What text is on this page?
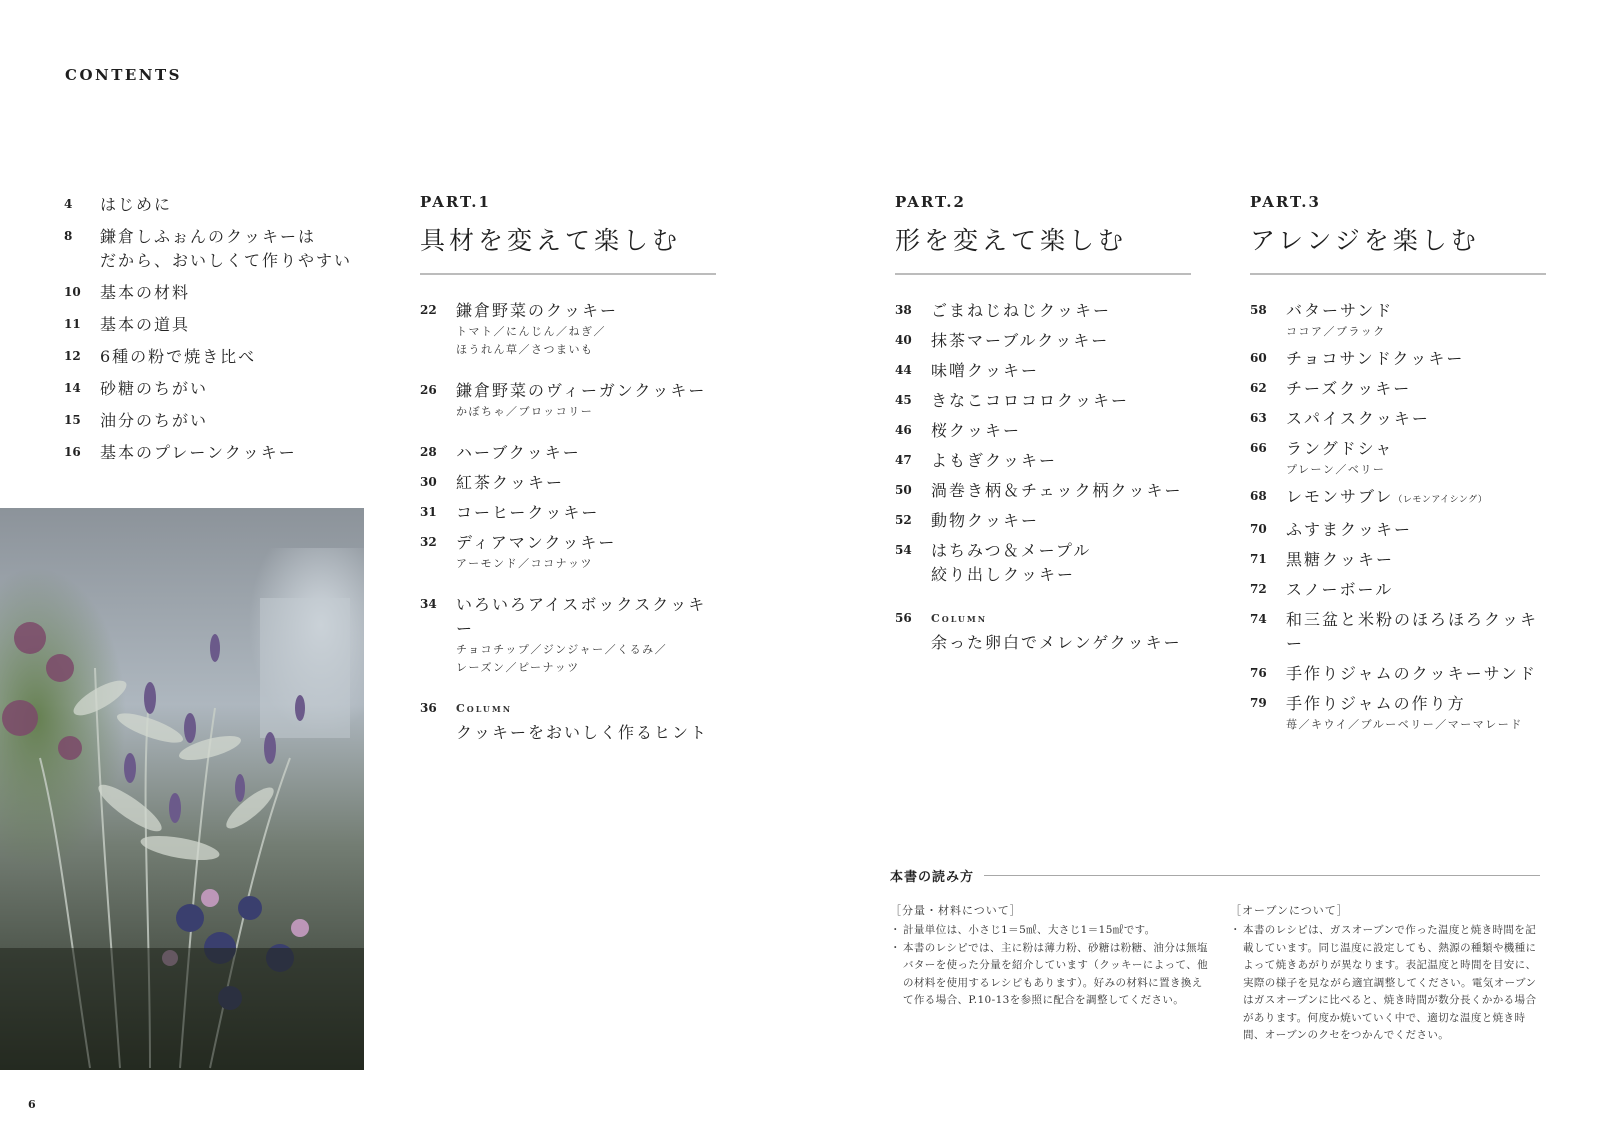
CONTENTS
4	はじめに
8	鎌倉しふぉんのクッキーは
だから、おいしくて作りやすい
10	基本の材料
11	基本の道具
12	6種の粉で焼き比べ
14	砂糖のちがい
15	油分のちがい
16	基本のプレーンクッキー
6
PART.1
具材を変えて楽しむ
22	鎌倉野菜のクッキー
トマト／にんじん／ねぎ／
ほうれん草／さつまいも
26	鎌倉野菜のヴィーガンクッキー
かぼちゃ／ブロッコリー
28	ハーブクッキー
30	紅茶クッキー
31	コーヒークッキー
32	ディアマンクッキー
アーモンド／ココナッツ
34	いろいろアイスボックスクッキー
チョコチップ／ジンジャー／くるみ／
レーズン／ピーナッツ
36	Column
クッキーをおいしく作るヒント
PART.2
形を変えて楽しむ
38	ごまねじねじクッキー
40	抹茶マーブルクッキー
44	味噌クッキー
45	きなこコロコロクッキー
46	桜クッキー
47	よもぎクッキー
50	渦巻き柄＆チェック柄クッキー
52	動物クッキー
54	はちみつ＆メープル
絞り出しクッキー
56	Column
余った卵白でメレンゲクッキー
PART.3
アレンジを楽しむ
58	バターサンド
ココア／ブラック
60	チョコサンドクッキー
62	チーズクッキー
63	スパイスクッキー
66	ラングドシャ
プレーン／ベリー
68	レモンサブレ（レモンアイシング）
70	ふすまクッキー
71	黒糖クッキー
72	スノーボール
74	和三盆と米粉のほろほろクッキー
76	手作りジャムのクッキーサンド
79	手作りジャムの作り方
苺／キウイ／ブルーベリー／マーマレード
本書の読み方
［分量・材料について］
・ 計量単位は、小さじ1＝5㎖、大さじ1＝15㎖です。
・ 本書のレシピでは、主に粉は薄力粉、砂糖は粉糖、油分は無塩バターを使った分量を紹介しています（クッキーによって、他の材料を使用するレシピもあります）。好みの材料に置き換えて作る場合、P.10-13を参照に配合を調整してください。
［オーブンについて］
・ 本書のレシピは、ガスオーブンで作った温度と焼き時間を記載しています。同じ温度に設定しても、熱源の種類や機種によって焼きあがりが異なります。表記温度と時間を目安に、実際の様子を見ながら適宜調整してください。電気オーブンはガスオーブンに比べると、焼き時間が数分長くかかる場合があります。何度か焼いていく中で、適切な温度と焼き時間、オーブンのクセをつかんでください。
